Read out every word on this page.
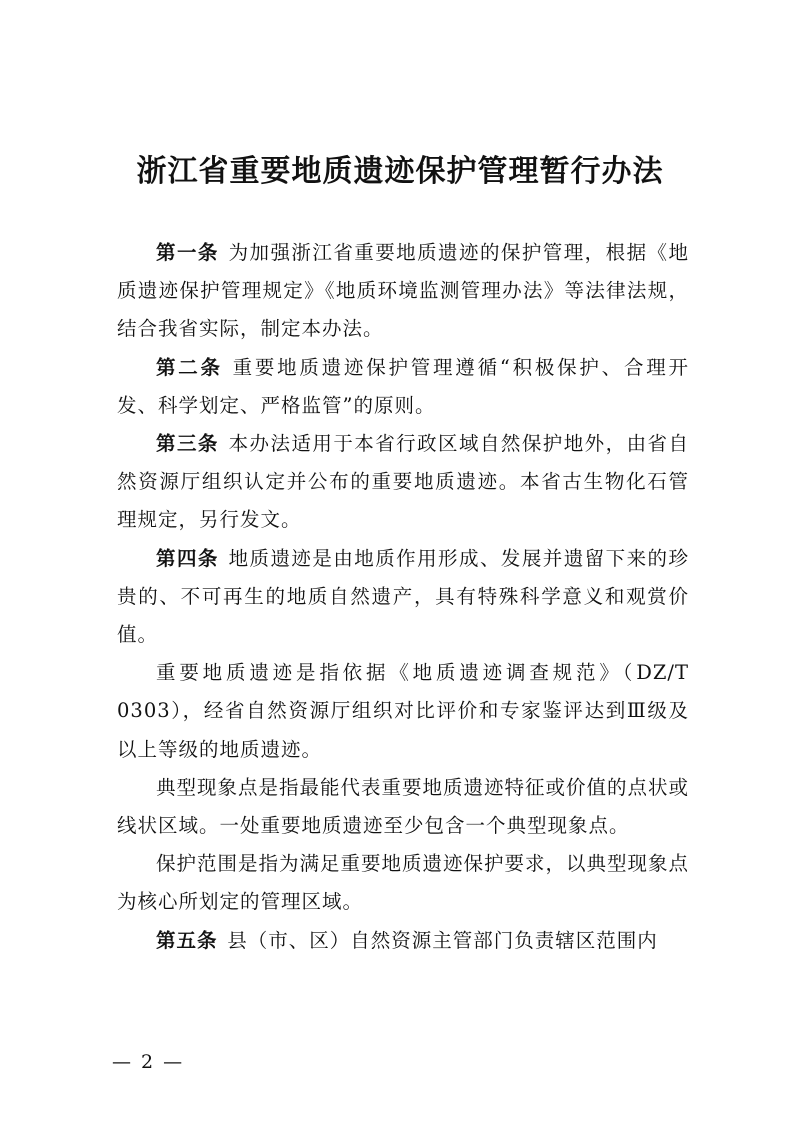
浙江省重要地质遗迹保护管理暂行办法

第一条 为加强浙江省重要地质遗迹的保护管理，根据《地质遗迹保护管理规定》《地质环境监测管理办法》等法律法规，结合我省实际，制定本办法。

第二条 重要地质遗迹保护管理遵循“积极保护、合理开发、科学划定、严格监管”的原则。

第三条 本办法适用于本省行政区域自然保护地外，由省自然资源厅组织认定并公布的重要地质遗迹。本省古生物化石管理规定，另行发文。

第四条 地质遗迹是由地质作用形成、发展并遗留下来的珍贵的、不可再生的地质自然遗产，具有特殊科学意义和观赏价值。

重要地质遗迹是指依据《地质遗迹调查规范》（DZ/T 0303），经省自然资源厅组织对比评价和专家鉴评达到Ⅲ级及以上等级的地质遗迹。

典型现象点是指最能代表重要地质遗迹特征或价值的点状或线状区域。一处重要地质遗迹至少包含一个典型现象点。

保护范围是指为满足重要地质遗迹保护要求，以典型现象点为核心所划定的管理区域。

第五条 县（市、区）自然资源主管部门负责辖区范围内

— 2 —
